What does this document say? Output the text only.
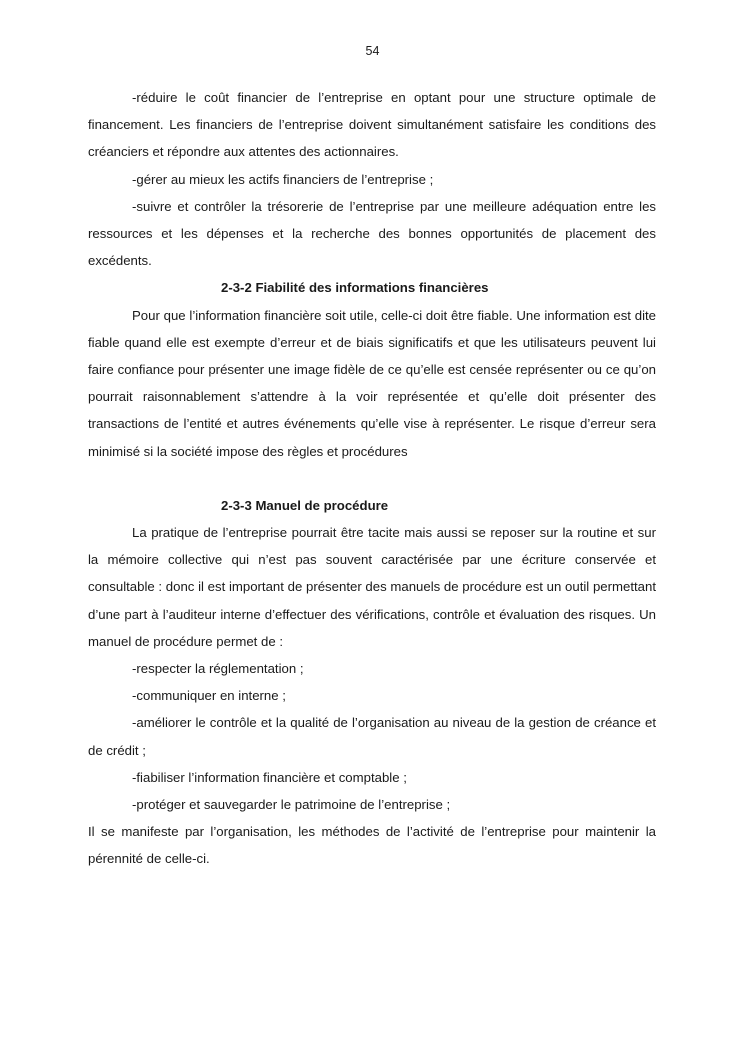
54

-réduire le coût financier de l’entreprise en optant pour une structure optimale de financement. Les financiers de l’entreprise doivent simultanément satisfaire les conditions des créanciers et répondre aux attentes des actionnaires.

-gérer au mieux les actifs financiers de l’entreprise ;

-suivre et contrôler la trésorerie de l’entreprise par une meilleure adéquation entre les ressources et les dépenses et la recherche des bonnes opportunités de placement des excédents.

2-3-2 Fiabilité des informations financières

Pour que l’information financière soit utile, celle-ci doit être fiable. Une information est dite fiable quand elle est exempte d’erreur et de biais significatifs et que les utilisateurs peuvent lui faire confiance pour présenter une image fidèle de ce qu’elle est censée représenter ou ce qu’on pourrait raisonnablement s’attendre à la voir représentée et qu’elle doit présenter des transactions de l’entité et autres événements qu’elle vise à représenter. Le risque d’erreur sera minimisé si la société impose des règles et procédures

2-3-3 Manuel de procédure

La pratique de l’entreprise pourrait être tacite mais aussi se reposer sur la routine et sur la mémoire collective qui n’est pas souvent caractérisée par une écriture conservée et consultable : donc il est important de présenter des manuels de procédure est un outil permettant d’une part à l’auditeur interne d’effectuer des vérifications, contrôle et évaluation des risques. Un manuel de procédure permet de :

-respecter la réglementation ;

-communiquer en interne ;

-améliorer le contrôle et la qualité de l’organisation au niveau de la gestion de créance et de crédit ;

-fiabiliser l’information financière et comptable ;

-protéger et sauvegarder le patrimoine de l’entreprise ;

Il se manifeste par l’organisation, les méthodes de l’activité de l’entreprise pour maintenir la pérennité de celle-ci.
